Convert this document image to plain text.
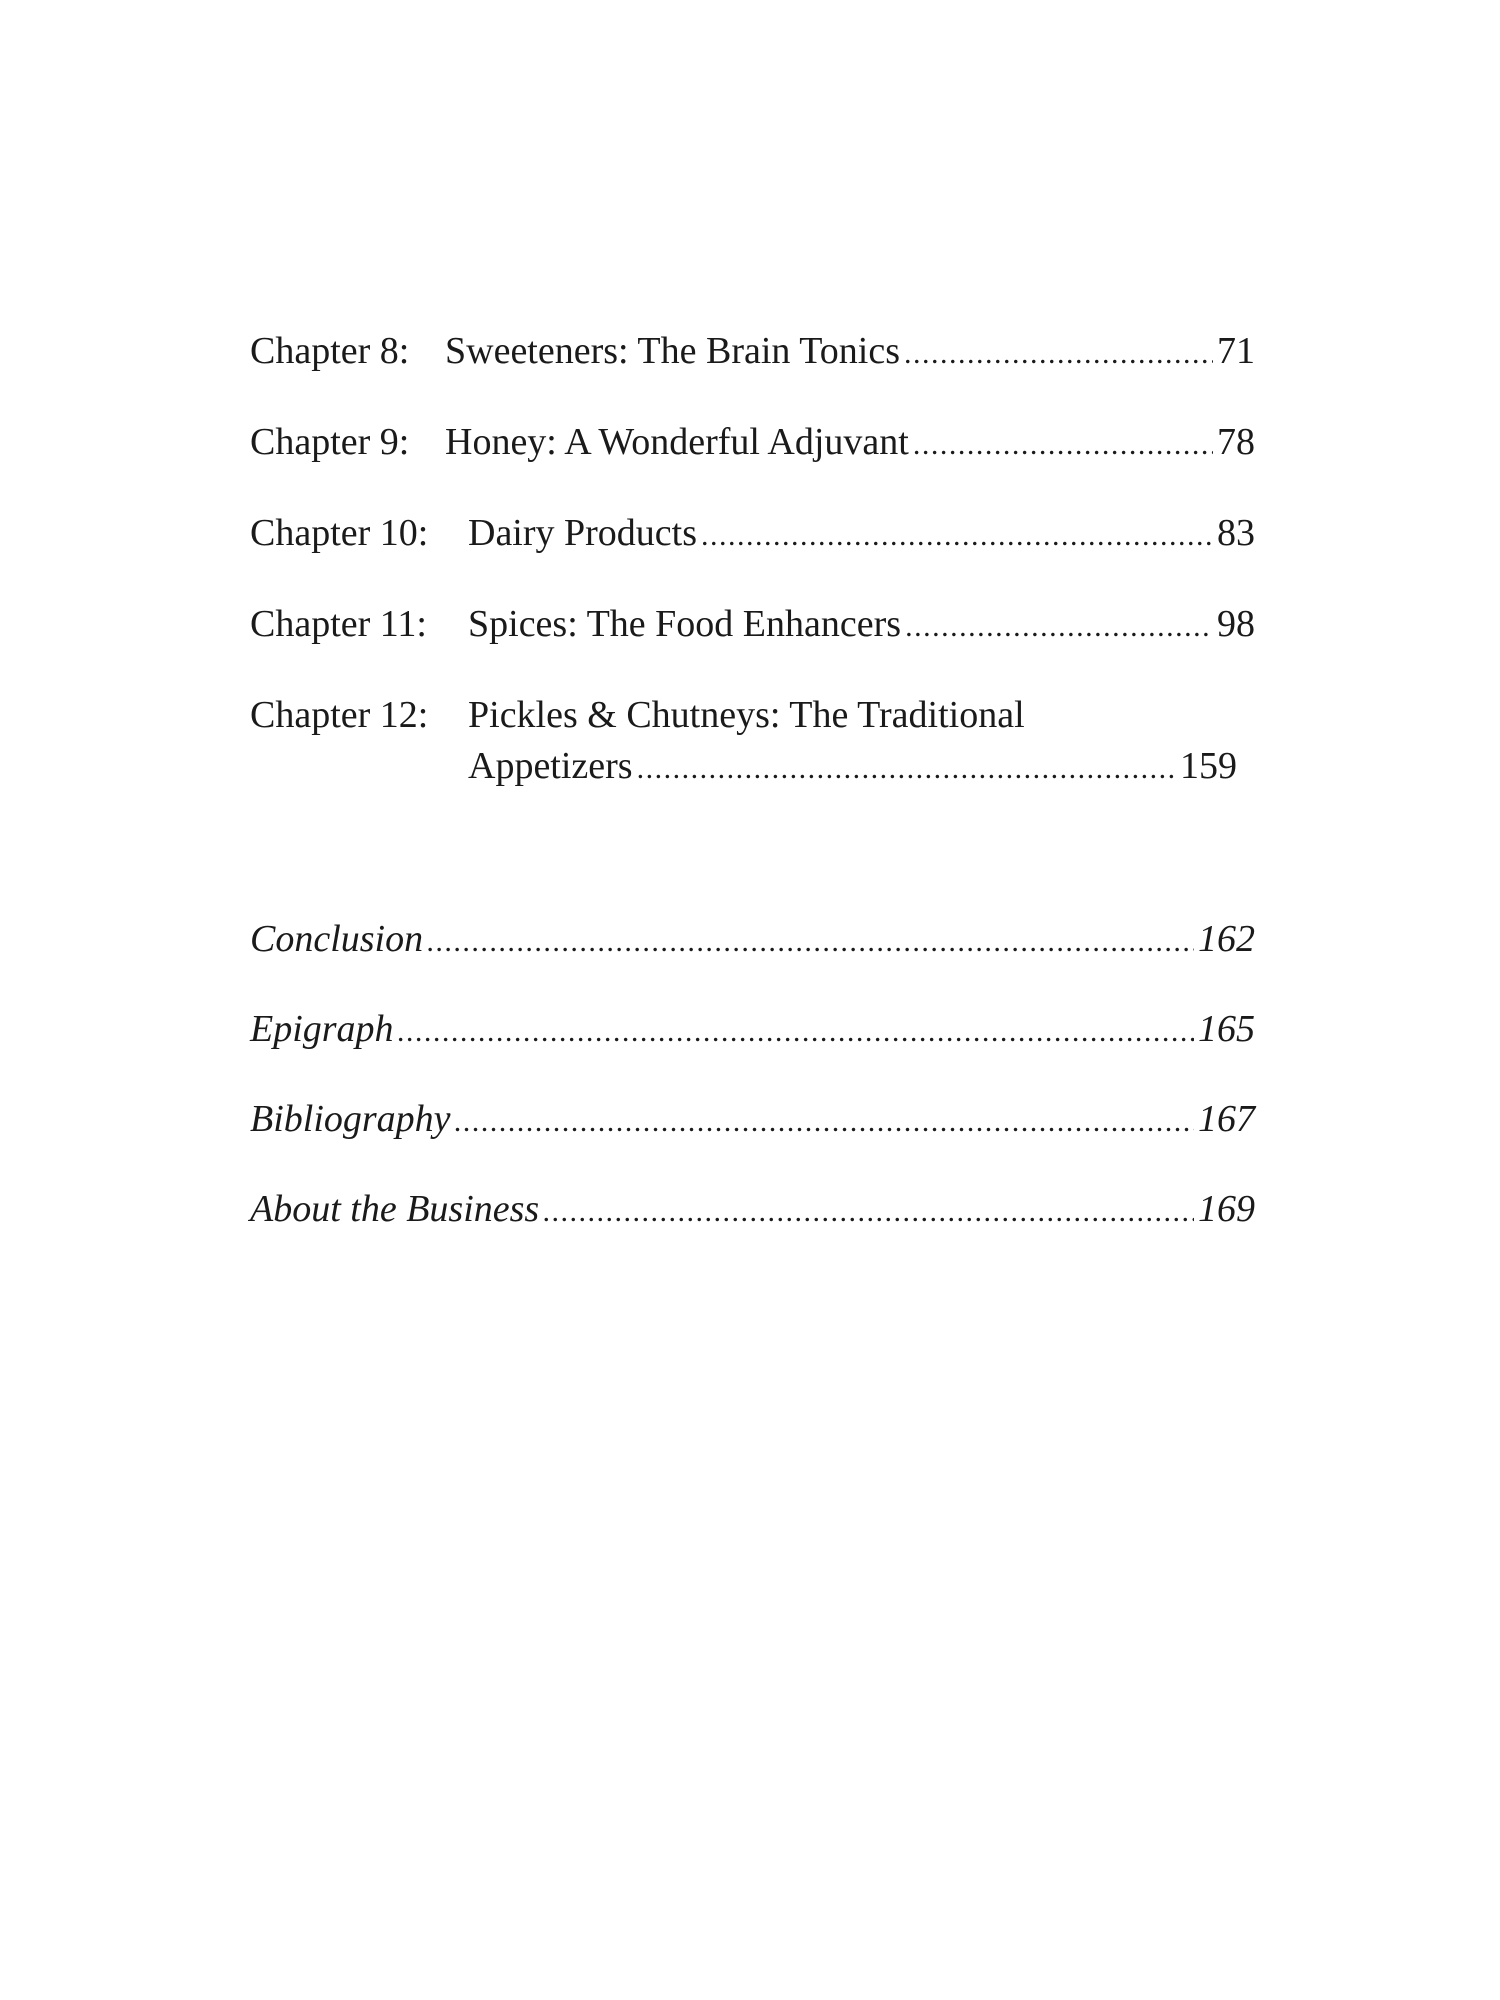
Chapter 8: Sweeteners: The Brain Tonics . . .	71
Chapter 9: Honey: A Wonderful Adjuvant . . .	78
Chapter 10:	Dairy Products . . .	83
Chapter 11:	Spices: The Food Enhancers . . .	98
Chapter 12:	Pickles & Chutneys: The Traditional
Appetizers . . .	159
Conclusion . . .	162
Epigraph . . .	165
Bibliography . . .	167
About the Business . . .	169
